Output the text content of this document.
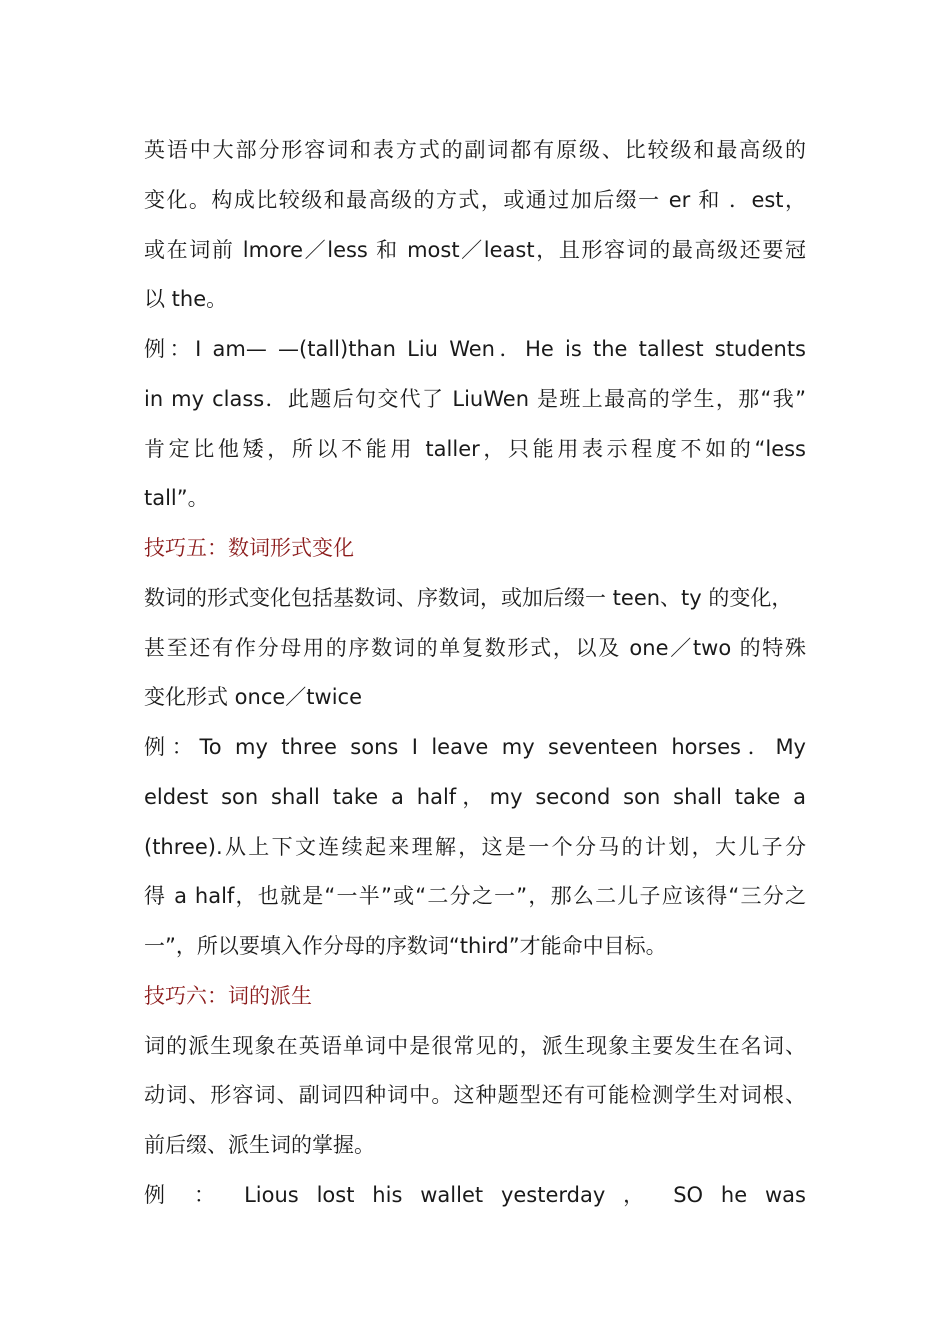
英语中大部分形容词和表方式的副词都有原级、比较级和最高级的
变化。构成比较级和最高级的方式，或通过加后缀一 er 和 ．est，
或在词前 lmore／less 和 most／least，且形容词的最高级还要冠
以 the。
例：I am— —(tall)than Liu Wen．He is the tallest students
in my class．此题后句交代了 LiuWen 是班上最高的学生，那“我”
肯定比他矮，所以不能用 taller，只能用表示程度不如的“less
tall”。
技巧五：数词形式变化
数词的形式变化包括基数词、序数词，或加后缀一 teen、ty 的变化，
甚至还有作分母用的序数词的单复数形式，以及 one／two 的特殊
变化形式 once／twice
例：To my three sons I leave my seventeen horses．My
eldest son shall take a half，my second son shall take a
(three).从上下文连续起来理解，这是一个分马的计划，大儿子分
得 a half，也就是“一半”或“二分之一”，那么二儿子应该得“三分之
一”，所以要填入作分母的序数词“third”才能命中目标。
技巧六：词的派生
词的派生现象在英语单词中是很常见的，派生现象主要发生在名词、
动词、形容词、副词四种词中。这种题型还有可能检测学生对词根、
前后缀、派生词的掌握。
例 ： Lious lost his wallet yesterday ， SO he was
